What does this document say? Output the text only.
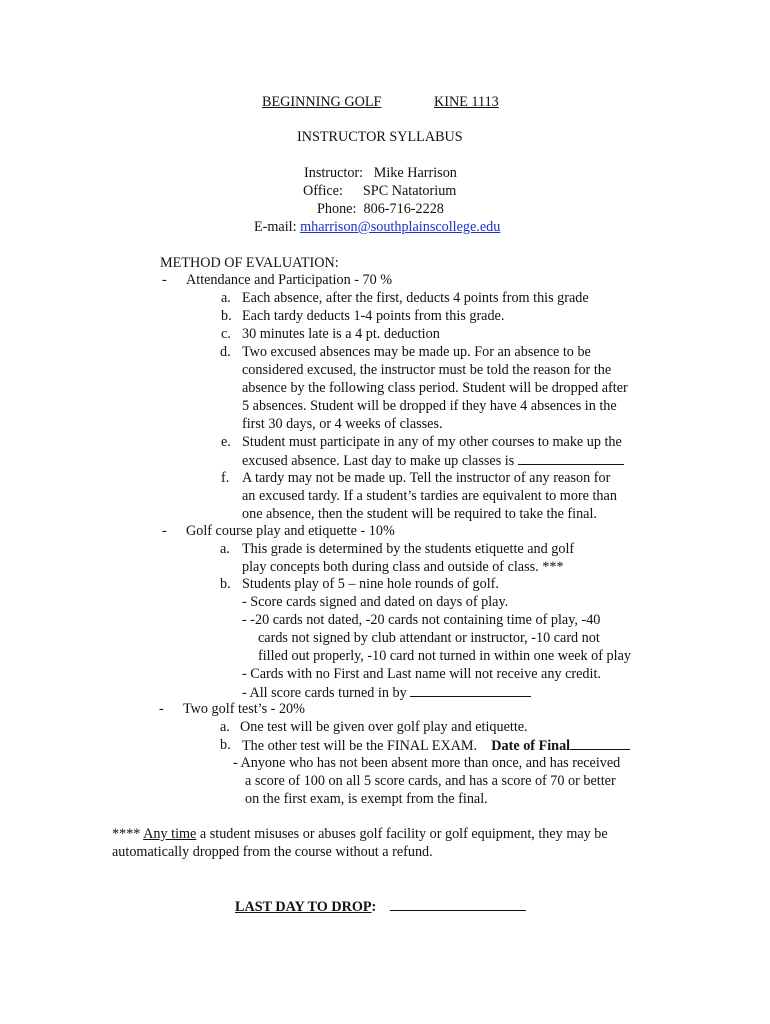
BEGINNING GOLF	KINE 1113
INSTRUCTOR SYLLABUS
Instructor: Mike Harrison
Office: SPC Natatorium
Phone: 806-716-2228
E-mail: mharrison@southplainscollege.edu
METHOD OF EVALUATION:
- Attendance and Participation - 70 %
a. Each absence, after the first, deducts 4 points from this grade
b. Each tardy deducts 1-4 points from this grade.
c. 30 minutes late is a 4 pt. deduction
d. Two excused absences may be made up. For an absence to be
considered excused, the instructor must be told the reason for the
absence by the following class period. Student will be dropped after
5 absences. Student will be dropped if they have 4 absences in the
first 30 days, or 4 weeks of classes.
e. Student must participate in any of my other courses to make up the
excused absence. Last day to make up classes is
f. A tardy may not be made up. Tell the instructor of any reason for
an excused tardy. If a student’s tardies are equivalent to more than
one absence, then the student will be required to take the final.
- Golf course play and etiquette - 10%
a. This grade is determined by the students etiquette and golf
play concepts both during class and outside of class. ***
b. Students play of 5 – nine hole rounds of golf.
- Score cards signed and dated on days of play.
- -20 cards not dated, -20 cards not containing time of play, -40
cards not signed by club attendant or instructor, -10 card not
filled out properly, -10 card not turned in within one week of play
- Cards with no First and Last name will not receive any credit.
- All score cards turned in by
- Two golf test’s - 20%
a. One test will be given over golf play and etiquette.
b. The other test will be the FINAL EXAM. Date of Final
- Anyone who has not been absent more than once, and has received
a score of 100 on all 5 score cards, and has a score of 70 or better
on the first exam, is exempt from the final.
**** Any time a student misuses or abuses golf facility or golf equipment, they may be
automatically dropped from the course without a refund.
LAST DAY TO DROP:
